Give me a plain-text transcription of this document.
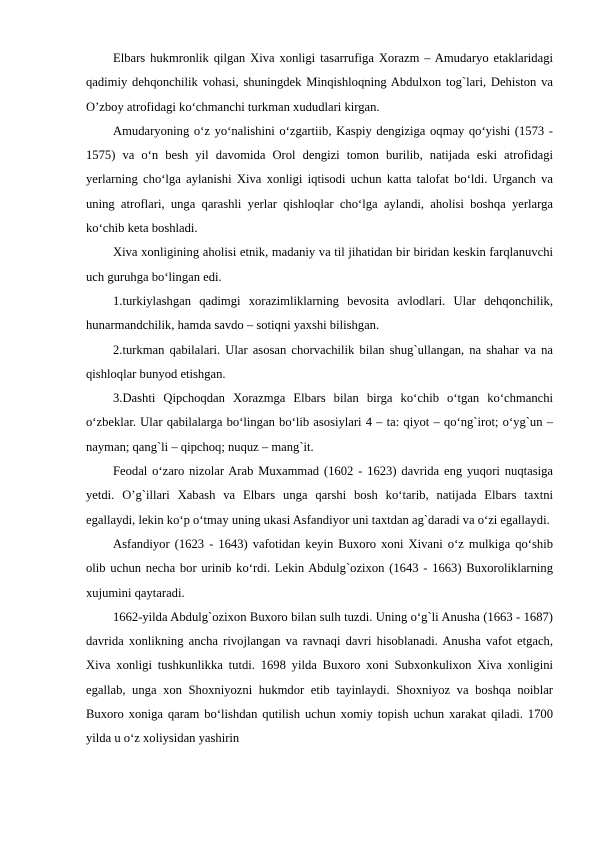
Elbars hukmronlik qilgan Xiva xonligi tasarrufiga Xorazm – Amudaryo etaklaridagi qadimiy dehqonchilik vohasi, shuningdek Minqishloqning Abdulxon tog`lari, Dehiston va O’zboy atrofidagi ko‘chmanchi turkman xududlari kirgan.

Amudaryoning o‘z yo‘nalishini o‘zgartiib, Kaspiy dengiziga oqmay qo‘yishi (1573 - 1575) va o‘n besh yil davomida Orol dengizi tomon burilib, natijada eski atrofidagi yerlarning cho‘lga aylanishi Xiva xonligi iqtisodi uchun katta talofat bo‘ldi. Urganch va uning atroflari, unga qarashli yerlar qishloqlar cho‘lga aylandi, aholisi boshqa yerlarga ko‘chib keta boshladi.

Xiva xonligining aholisi etnik, madaniy va til jihatidan bir biridan keskin farqlanuvchi uch guruhga bo‘lingan edi.

1.turkiylashgan qadimgi xorazimliklarning bevosita avlodlari. Ular dehqonchilik, hunarmandchilik, hamda savdo – sotiqni yaxshi bilishgan.

2.turkman qabilalari. Ular asosan chorvachilik bilan shug`ullangan, na shahar va na qishloqlar bunyod etishgan.

3.Dashti Qipchoqdan Xorazmga Elbars bilan birga ko‘chib o‘tgan ko‘chmanchi o‘zbeklar. Ular qabilalarga bo‘lingan bo‘lib asosiylari 4 – ta: qiyot – qo‘ng`irot; o‘yg`un – nayman; qang`li – qipchoq; nuquz – mang`it.

Feodal o‘zaro nizolar Arab Muxammad (1602 - 1623) davrida eng yuqori nuqtasiga yetdi. O’g`illari Xabash va Elbars unga qarshi bosh ko‘tarib, natijada Elbars taxtni egallaydi, lekin ko‘p o‘tmay uning ukasi Asfandiyor uni taxtdan ag`daradi va o‘zi egallaydi.

Asfandiyor (1623 - 1643) vafotidan keyin Buxoro xoni Xivani o‘z mulkiga qo‘shib olib uchun necha bor urinib ko‘rdi. Lekin Abdulg`ozixon (1643 - 1663) Buxoroliklarning xujumini qaytaradi.

1662-yilda Abdulg`ozixon Buxoro bilan sulh tuzdi. Uning o‘g`li Anusha (1663 - 1687) davrida xonlikning ancha rivojlangan va ravnaqi davri hisoblanadi. Anusha vafot etgach, Xiva xonligi tushkunlikka tutdi. 1698 yilda Buxoro xoni Subxonkulixon Xiva xonligini egallab, unga xon Shoxniyozni hukmdor etib tayinlaydi. Shoxniyoz va boshqa noiblar Buxoro xoniga qaram bo‘lishdan qutilish uchun xomiy topish uchun xarakat qiladi. 1700 yilda u o‘z xoliysidan yashirin
